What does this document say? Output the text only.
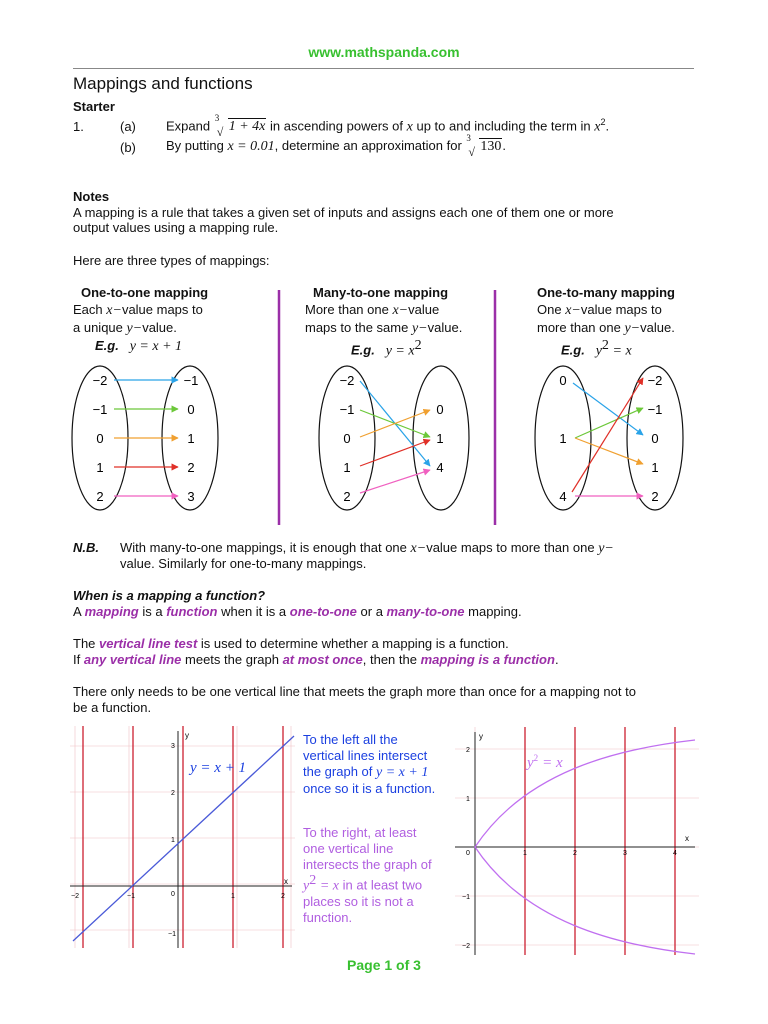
www.mathspanda.com
Mappings and functions
Starter
1.	(a) Expand 3
√ 1 + 4x in ascending powers of x up to and including the term in $x^2$.
(b) By putting x = 0.01, determine an approximation for 3
√ 130.
Notes
A mapping is a rule that takes a given set of inputs and assigns each one of them one or more
output values using a mapping rule.
Here are three types of mappings:
One-to-one mapping
Each x−value maps to
a unique y−value.
E.g. y = x + 1
Many-to-one mapping
More than one x−value
maps to the same y−value.
E.g. $y = x^2$
One-to-many mapping
One x−value maps to
more than one y−value.
E.g. $y^2 = x$
−2
−1
0
1
2
−1
0
1
2
3
−2
−1
0
1
2
0
1
4
0
1
4
−2
−1
0
1
2
N.B. With many-to-one mappings, it is enough that one x−value maps to more than one y−
value. Similarly for one-to-many mappings.
When is a mapping a function?
A mapping is a function when it is a one-to-one or a many-to-one mapping.
The vertical line test is used to determine whether a mapping is a function.
If any vertical line meets the graph at most once, then the mapping is a function.
There only needs to be one vertical line that meets the graph more than once for a mapping not to
be a function.
−2	−1	0	1	2
3
2
1
−1
y
x
y = x + 1
To the left all the
vertical lines intersect
the graph of y = x + 1
once so it is a function.
To the right, at least
one vertical line
intersects the graph of
$y^2 = x$ in at least two
places so it is not a
function.
1	2	3	4
0
2
1
−1
−2
y
x
$y^2 = x$
Page 1 of 3
